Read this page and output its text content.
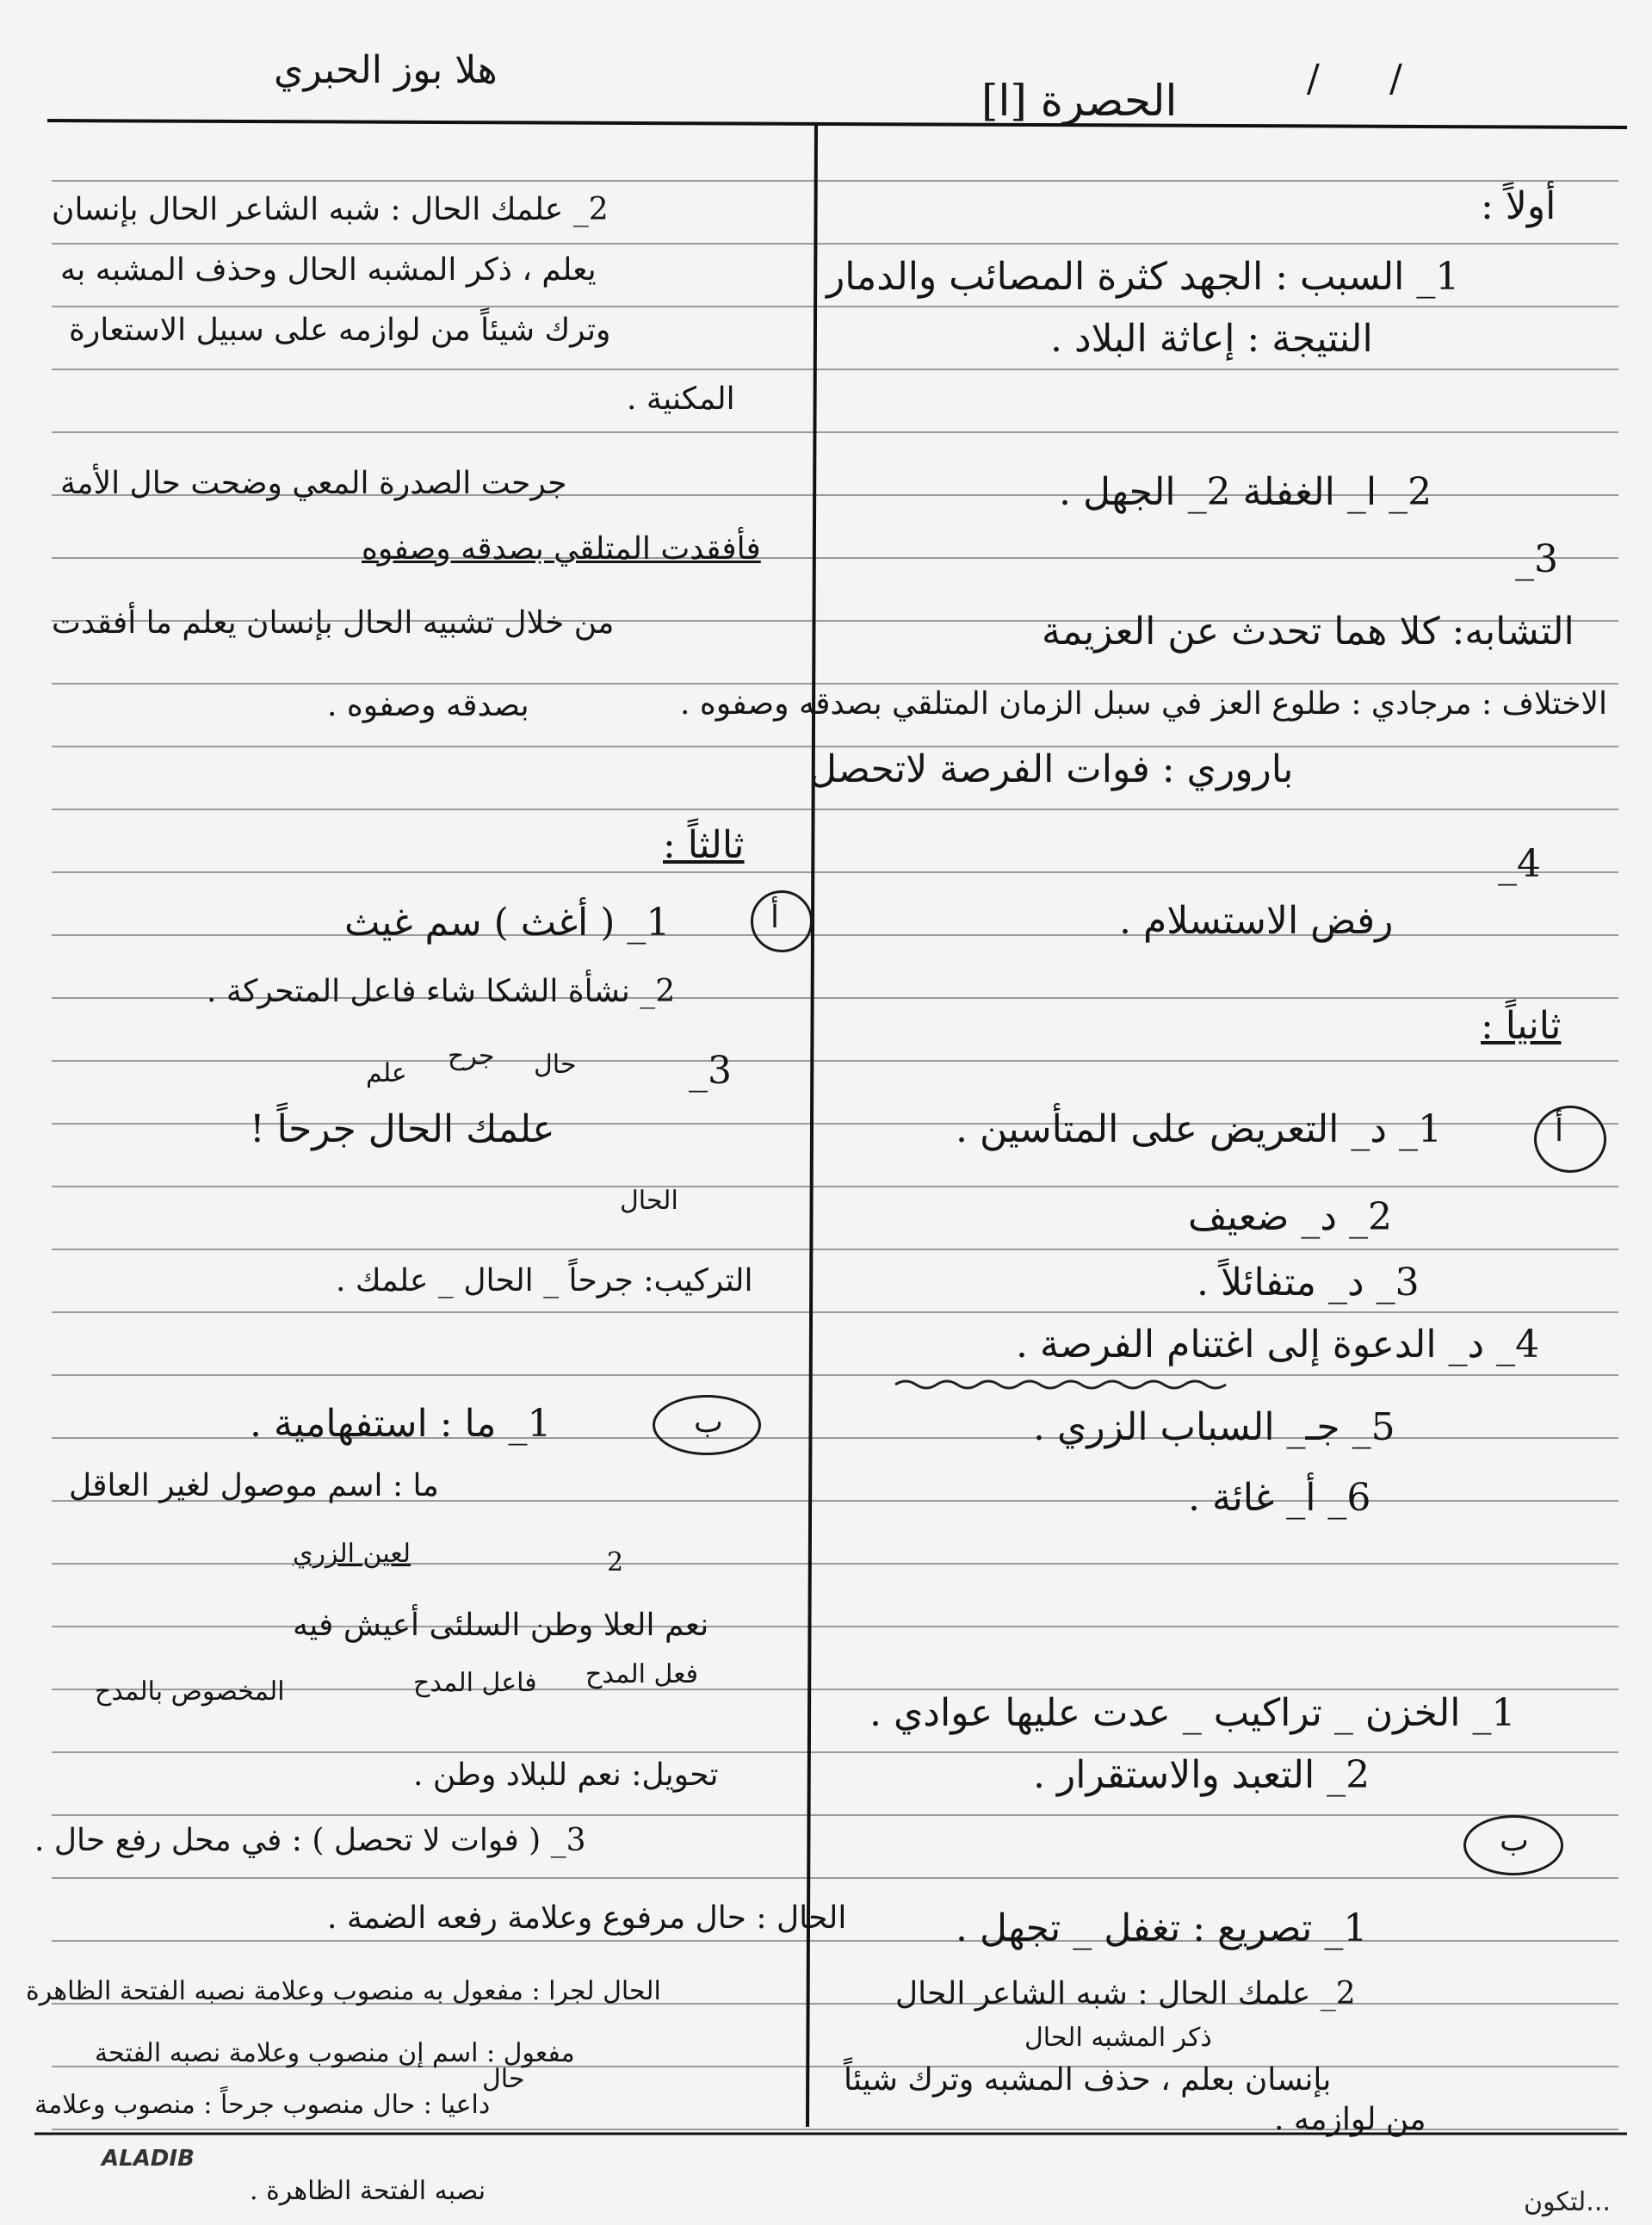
هلا بوز الحبري
الحصرة [ا]	/ /
أولاً :
1_ السبب : الجهد كثرة المصائب والدمار
النتيجة : إعاثة البلاد .
2_ ا_ الغفلة 2_ الجهل .
3_
التشابه: كلا هما تحدث عن العزيمة
الاختلاف : مرجادي : طلوع العز في سبل الزمان المتلقي بصدقه وصفوه .
باروري : فوات الفرصة لاتحصل
4_
رفض الاستسلام .
ثانياً :
أ
1_ د_ التعريض على المتأسين .
2_ د_ ضعيف
3_ د_ متفائلاً .
4_ د_ الدعوة إلى اغتنام الفرصة .
5_ جـ_ السباب الزري .
6_ أ_ غائة .
1_ الخزن _ تراكيب _ عدت عليها عوادي .
2_ التعبد والاستقرار .
ب
1_ تصريع : تغفل _ تجهل .
2_ علمك الحال : شبه الشاعر الحال
ذكر المشبه الحال
بإنسان بعلم ، حذف المشبه وترك شيئاً
من لوازمه .
2_ علمك الحال : شبه الشاعر الحال بإنسان
يعلم ، ذكر المشبه الحال وحذف المشبه به
وترك شيئاً من لوازمه على سبيل الاستعارة
المكنية .
جرحت الصدرة المعي وضحت حال الأمة
فأفقدت المتلقي بصدقه وصفوه
من خلال تشبيه الحال بإنسان يعلم ما أفقدت
بصدقه وصفوه .
ثالثاً :
أ
1_ ( أغث ) سم غيث
2_ نشأة الشكا شاء فاعل المتحركة .
3_
حال
جرح
علم
علمك الحال جرحاً !
الحال
التركيب: جرحاً _ الحال _ علمك .
ب
1_ ما : استفهامية .
ما : اسم موصول لغير العاقل
لعين الزري	2
نعم العلا وطن السلئى أعيش فيه
فعل المدح
فاعل المدح
المخصوص بالمدح
تحويل: نعم للبلاد وطن .
3_ ( فوات لا تحصل ) : في محل رفع حال .
الحال : حال مرفوع وعلامة رفعه الضمة .
الحال لجرا : مفعول به منصوب وعلامة نصبه الفتحة الظاهرة
مفعول : اسم إن منصوب وعلامة نصبه الفتحة
حال
داعيا : حال منصوب جرحاً : منصوب وعلامة
نصبه الفتحة الظاهرة .
ALADIB
لتكون...
